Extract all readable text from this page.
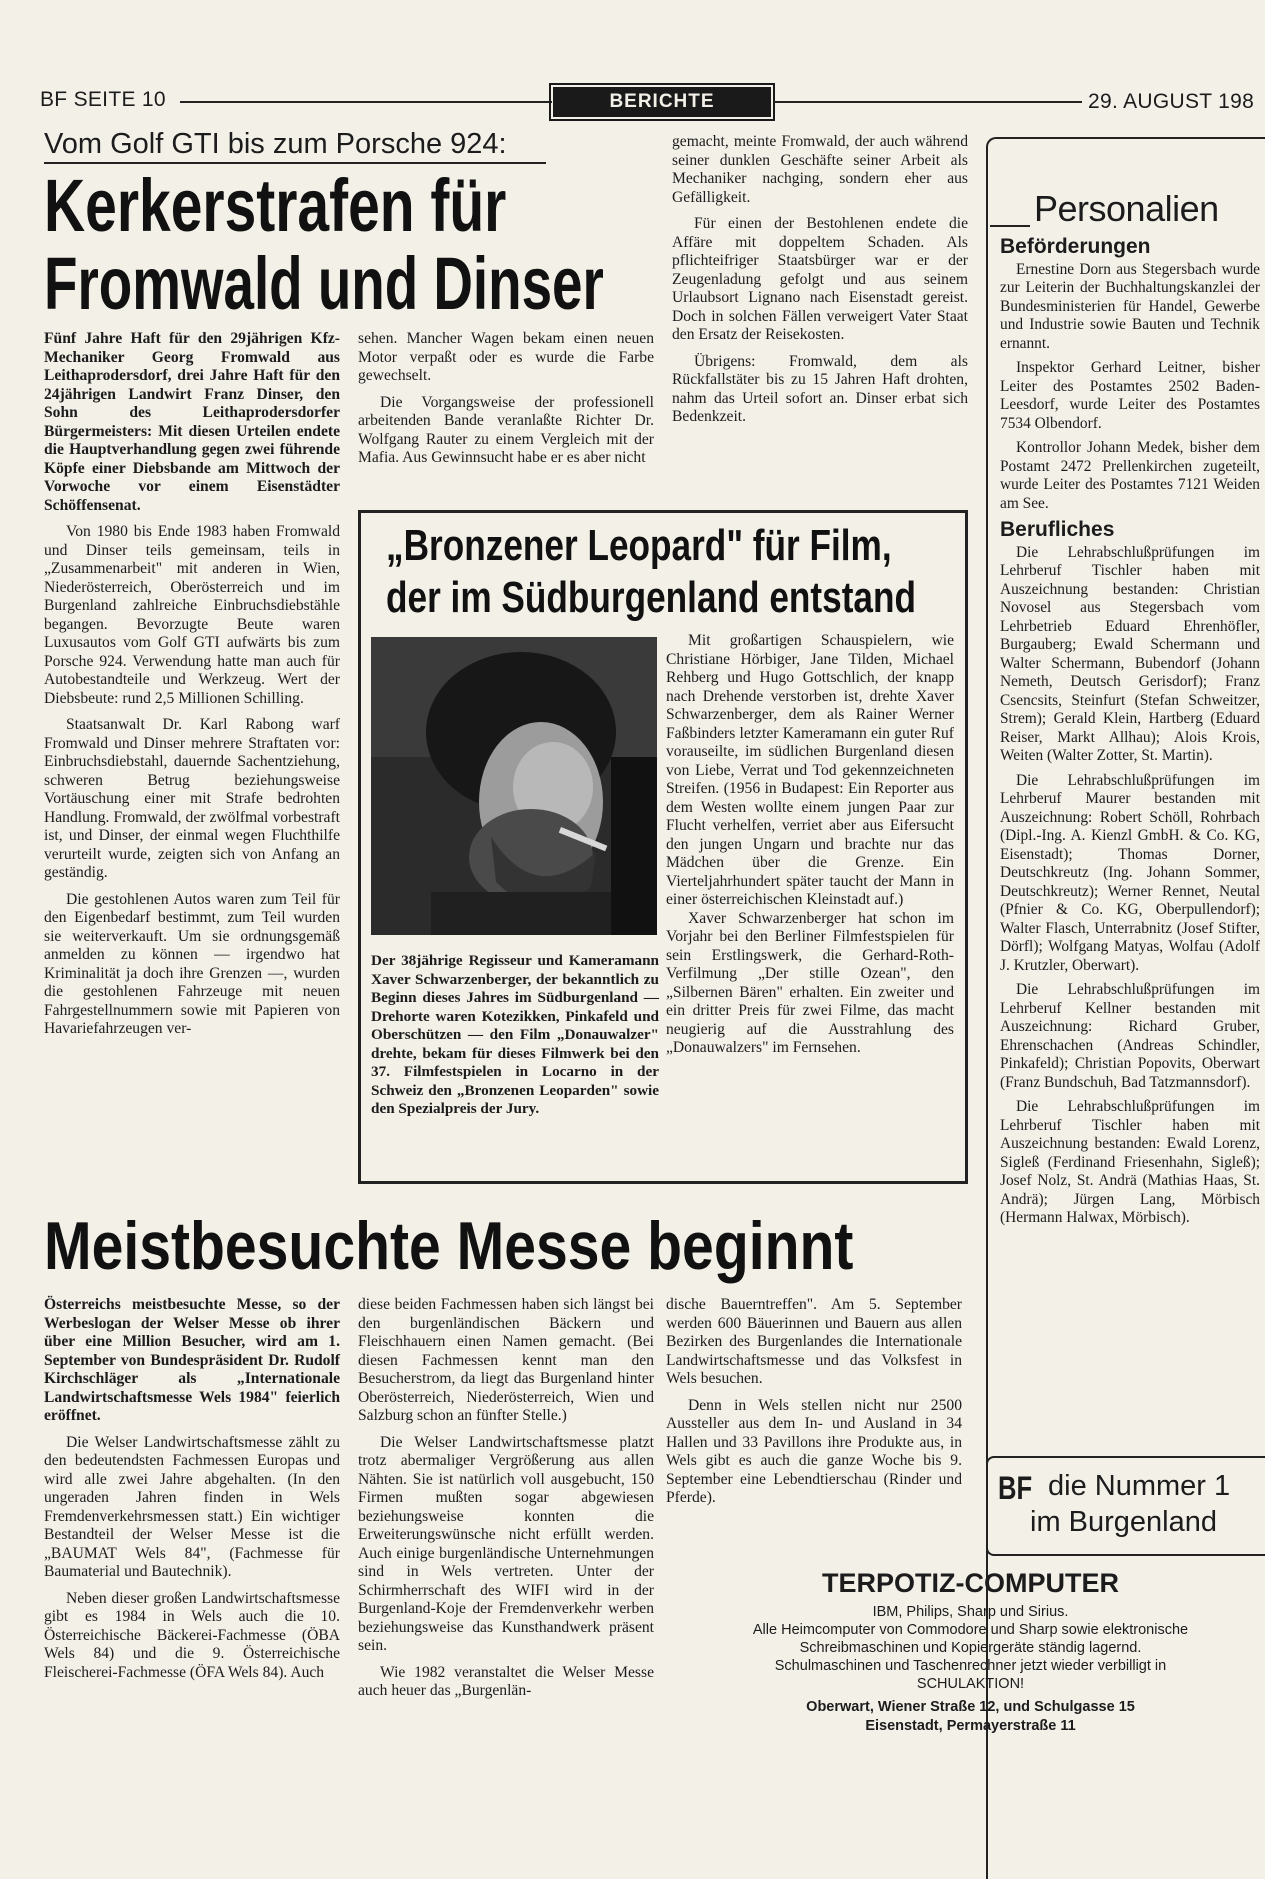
BF SEITE 10	BERICHTE	29. AUGUST 198
Vom Golf GTI bis zum Porsche 924:
Kerkerstrafen für
Fromwald und Dinser

Fünf Jahre Haft für den 29jährigen Kfz-Mechaniker Georg Fromwald aus Leithaprodersdorf, drei Jahre Haft für den 24jährigen Landwirt Franz Dinser, den Sohn des Leithaprodersdorfer Bürgermeisters: Mit diesen Urteilen endete die Hauptverhandlung gegen zwei führende Köpfe einer Diebsbande am Mittwoch der Vorwoche vor einem Eisenstädter Schöffensenat.

Von 1980 bis Ende 1983 haben Fromwald und Dinser teils gemeinsam, teils in „Zusammenarbeit" mit anderen in Wien, Niederösterreich, Oberösterreich und im Burgenland zahlreiche Einbruchsdiebstähle begangen. Bevorzugte Beute waren Luxusautos vom Golf GTI aufwärts bis zum Porsche 924. Verwendung hatte man auch für Autobestandteile und Werkzeug. Wert der Diebsbeute: rund 2,5 Millionen Schilling.

Staatsanwalt Dr. Karl Rabong warf Fromwald und Dinser mehrere Straftaten vor: Einbruchsdiebstahl, dauernde Sachentziehung, schweren Betrug beziehungsweise Vortäuschung einer mit Strafe bedrohten Handlung. Fromwald, der zwölfmal vorbestraft ist, und Dinser, der einmal wegen Fluchthilfe verurteilt wurde, zeigten sich von Anfang an geständig.

Die gestohlenen Autos waren zum Teil für den Eigenbedarf bestimmt, zum Teil wurden sie weiterverkauft. Um sie ordnungsgemäß anmelden zu können — irgendwo hat Kriminalität ja doch ihre Grenzen —, wurden die gestohlenen Fahrzeuge mit neuen Fahrgestellnummern sowie mit Papieren von Havariefahrzeugen ver-

sehen. Mancher Wagen bekam einen neuen Motor verpaßt oder es wurde die Farbe gewechselt.

Die Vorgangsweise der professionell arbeitenden Bande veranlaßte Richter Dr. Wolfgang Rauter zu einem Vergleich mit der Mafia. Aus Gewinnsucht habe er es aber nicht

gemacht, meinte Fromwald, der auch während seiner dunklen Geschäfte seiner Arbeit als Mechaniker nachging, sondern eher aus Gefälligkeit.

Für einen der Bestohlenen endete die Affäre mit doppeltem Schaden. Als pflichteifriger Staatsbürger war er der Zeugenladung gefolgt und aus seinem Urlaubsort Lignano nach Eisenstadt gereist. Doch in solchen Fällen verweigert Vater Staat den Ersatz der Reisekosten.

Übrigens: Fromwald, dem als Rückfallstäter bis zu 15 Jahren Haft drohten, nahm das Urteil sofort an. Dinser erbat sich Bedenkzeit.

„Bronzener Leopard" für Film,
der im Südburgenland entstand
Der 38jährige Regisseur und Kameramann Xaver Schwarzenberger, der bekanntlich zu Beginn dieses Jahres im Südburgenland — Drehorte waren Kotezikken, Pinkafeld und Oberschützen — den Film „Donauwalzer" drehte, bekam für dieses Filmwerk bei den 37. Filmfestspielen in Locarno in der Schweiz den „Bronzenen Leoparden" sowie den Spezialpreis der Jury.

Mit großartigen Schauspielern, wie Christiane Hörbiger, Jane Tilden, Michael Rehberg und Hugo Gottschlich, der knapp nach Drehende verstorben ist, drehte Xaver Schwarzenberger, dem als Rainer Werner Faßbinders letzter Kameramann ein guter Ruf vorauseilte, im südlichen Burgenland diesen von Liebe, Verrat und Tod gekennzeichneten Streifen. (1956 in Budapest: Ein Reporter aus dem Westen wollte einem jungen Paar zur Flucht verhelfen, verriet aber aus Eifersucht den jungen Ungarn und brachte nur das Mädchen über die Grenze. Ein Vierteljahrhundert später taucht der Mann in einer österreichischen Kleinstadt auf.)

Xaver Schwarzenberger hat schon im Vorjahr bei den Berliner Filmfestspielen für sein Erstlingswerk, die Gerhard-Roth-Verfilmung „Der stille Ozean", den „Silbernen Bären" erhalten. Ein zweiter und ein dritter Preis für zwei Filme, das macht neugierig auf die Ausstrahlung des „Donauwalzers" im Fernsehen.

Meistbesuchte Messe beginnt

Österreichs meistbesuchte Messe, so der Werbeslogan der Welser Messe ob ihrer über eine Million Besucher, wird am 1. September von Bundespräsident Dr. Rudolf Kirchschläger als „Internationale Landwirtschaftsmesse Wels 1984" feierlich eröffnet.

Die Welser Landwirtschaftsmesse zählt zu den bedeutendsten Fachmessen Europas und wird alle zwei Jahre abgehalten. (In den ungeraden Jahren finden in Wels Fremdenverkehrsmessen statt.) Ein wichtiger Bestandteil der Welser Messe ist die „BAUMAT Wels 84", (Fachmesse für Baumaterial und Bautechnik).

Neben dieser großen Landwirtschaftsmesse gibt es 1984 in Wels auch die 10. Österreichische Bäckerei-Fachmesse (ÖBA Wels 84) und die 9. Österreichische Fleischerei-Fachmesse (ÖFA Wels 84). Auch

diese beiden Fachmessen haben sich längst bei den burgenländischen Bäckern und Fleischhauern einen Namen gemacht. (Bei diesen Fachmessen kennt man den Besucherstrom, da liegt das Burgenland hinter Oberösterreich, Niederösterreich, Wien und Salzburg schon an fünfter Stelle.)

Die Welser Landwirtschaftsmesse platzt trotz abermaliger Vergrößerung aus allen Nähten. Sie ist natürlich voll ausgebucht, 150 Firmen mußten sogar abgewiesen beziehungsweise konnten die Erweiterungswünsche nicht erfüllt werden. Auch einige burgenländische Unternehmungen sind in Wels vertreten. Unter der Schirmherrschaft des WIFI wird in der Burgenland-Koje der Fremdenverkehr werben beziehungsweise das Kunsthandwerk präsent sein.

Wie 1982 veranstaltet die Welser Messe auch heuer das „Burgenlän-

dische Bauerntreffen". Am 5. September werden 600 Bäuerinnen und Bauern aus allen Bezirken des Burgenlandes die Internationale Landwirtschaftsmesse und das Volksfest in Wels besuchen.

Denn in Wels stellen nicht nur 2500 Aussteller aus dem In- und Ausland in 34 Hallen und 33 Pavillons ihre Produkte aus, in Wels gibt es auch die ganze Woche bis 9. September eine Lebendtierschau (Rinder und Pferde).

Personalien
Beförderungen

Ernestine Dorn aus Stegersbach wurde zur Leiterin der Buchhaltungskanzlei der Bundesministerien für Handel, Gewerbe und Industrie sowie Bauten und Technik ernannt.

Inspektor Gerhard Leitner, bisher Leiter des Postamtes 2502 Baden-Leesdorf, wurde Leiter des Postamtes 7534 Olbendorf.

Kontrollor Johann Medek, bisher dem Postamt 2472 Prellenkirchen zugeteilt, wurde Leiter des Postamtes 7121 Weiden am See.

Berufliches

Die Lehrabschlußprüfungen im Lehrberuf Tischler haben mit Auszeichnung bestanden: Christian Novosel aus Stegersbach vom Lehrbetrieb Eduard Ehrenhöfler, Burgauberg; Ewald Schermann und Walter Schermann, Bubendorf (Johann Nemeth, Deutsch Gerisdorf); Franz Csencsits, Steinfurt (Stefan Schweitzer, Strem); Gerald Klein, Hartberg (Eduard Reiser, Markt Allhau); Alois Krois, Weiten (Walter Zotter, St. Martin).

Die Lehrabschlußprüfungen im Lehrberuf Maurer bestanden mit Auszeichnung: Robert Schöll, Rohrbach (Dipl.-Ing. A. Kienzl GmbH. & Co. KG, Eisenstadt); Thomas Dorner, Deutschkreutz (Ing. Johann Sommer, Deutschkreutz); Werner Rennet, Neutal (Pfnier & Co. KG, Oberpullendorf); Walter Flasch, Unterrabnitz (Josef Stifter, Dörfl); Wolfgang Matyas, Wolfau (Adolf J. Krutzler, Oberwart).

Die Lehrabschlußprüfungen im Lehrberuf Kellner bestanden mit Auszeichnung: Richard Gruber, Ehrenschachen (Andreas Schindler, Pinkafeld); Christian Popovits, Oberwart (Franz Bundschuh, Bad Tatzmannsdorf).

Die Lehrabschlußprüfungen im Lehrberuf Tischler haben mit Auszeichnung bestanden: Ewald Lorenz, Sigleß (Ferdinand Friesenhahn, Sigleß); Josef Nolz, St. Andrä (Mathias Haas, St. Andrä); Jürgen Lang, Mörbisch (Hermann Halwax, Mörbisch).

BF die Nummer 1
im Burgenland
TERPOTIZ-COMPUTER
IBM, Philips, Sharp und Sirius.
Alle Heimcomputer von Commodore und Sharp sowie elektronische
Schreibmaschinen und Kopiergeräte ständig lagernd.
Schulmaschinen und Taschenrechner jetzt wieder verbilligt in
SCHULAKTION!
Oberwart, Wiener Straße 12, und Schulgasse 15
Eisenstadt, Permayerstraße 11
